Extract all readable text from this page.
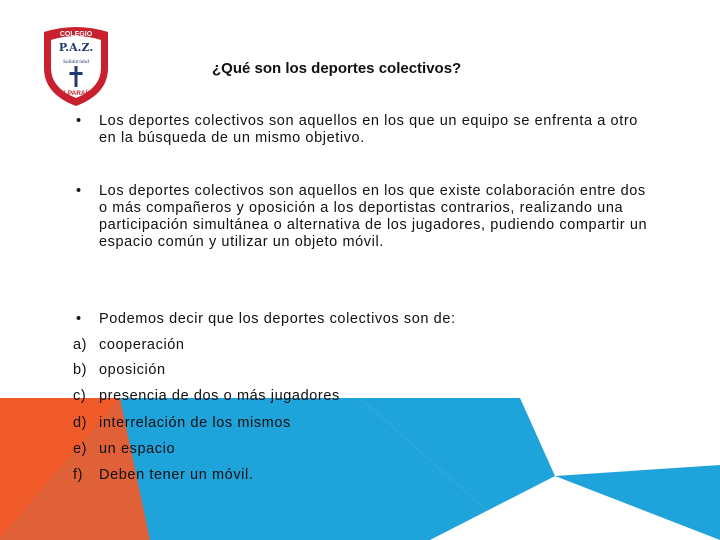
COLEGIO
P.A.Z.
Solidaridad
VALPARAÍSO
¿Qué son los deportes colectivos?
• Los deportes colectivos son aquellos en los que un equipo se enfrenta a otro en la búsqueda de un mismo objetivo.
• Los deportes colectivos son aquellos en los que existe colaboración entre dos o más compañeros y oposición a los deportistas contrarios, realizando una participación simultánea o alternativa de los jugadores, pudiendo compartir un espacio común y utilizar un objeto móvil.
• Podemos decir que los deportes colectivos son de:
a) cooperación
b) oposición
c) presencia de dos o más jugadores
d) interrelación de los mismos
e) un espacio
f) Deben tener un móvil.
